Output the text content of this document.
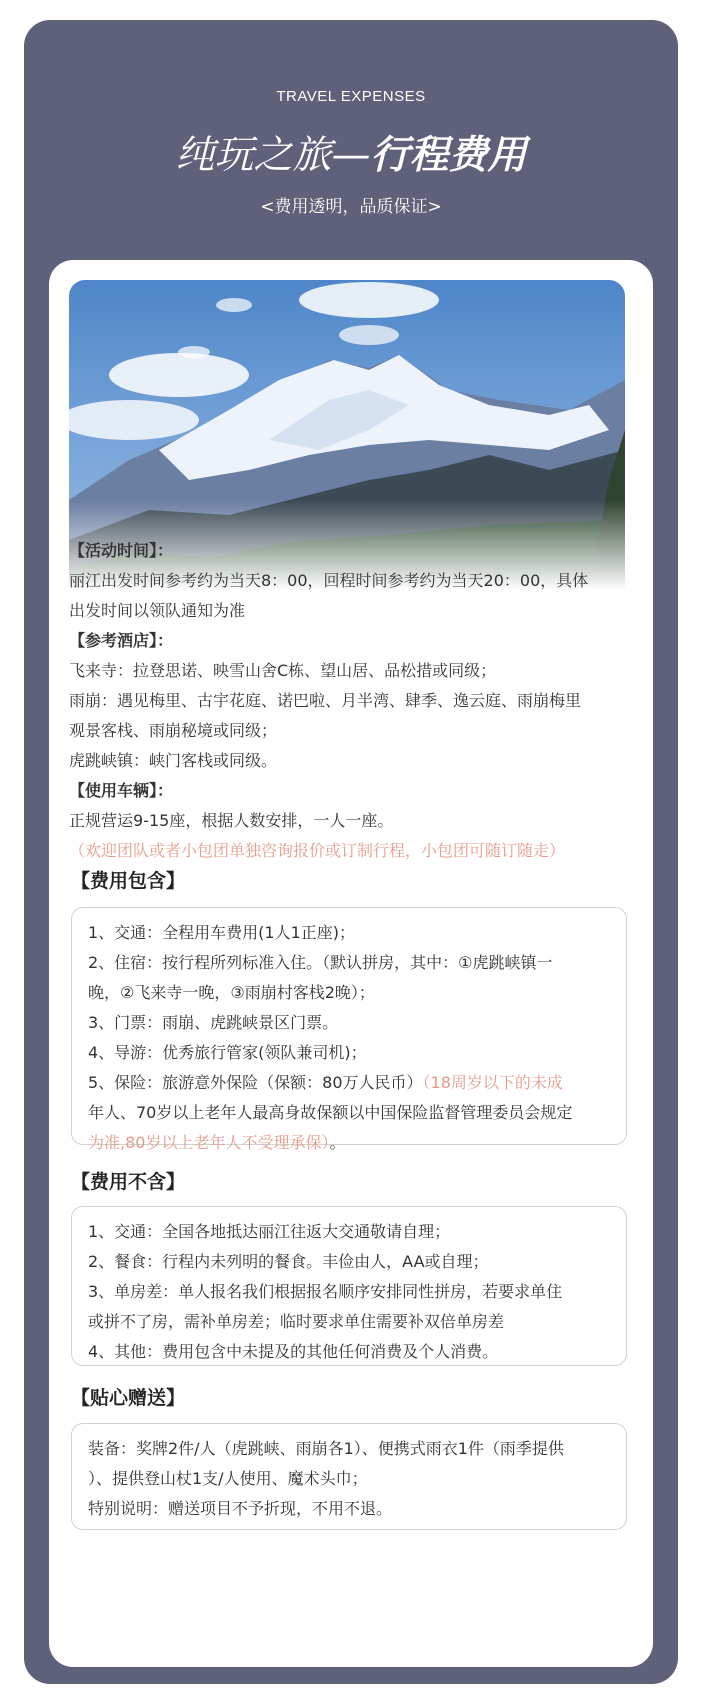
TRAVEL EXPENSES
纯玩之旅—行程费用
<费用透明，品质保证>
【活动时间】：
丽江出发时间参考约为当天8：00，回程时间参考约为当天20：00，具体
出发时间以领队通知为准
【参考酒店】：
飞来寺：拉登思诺、映雪山舍C栋、望山居、品松措或同级；
雨崩：遇见梅里、古宇花庭、诺巴啦、月半湾、肆季、逸云庭、雨崩梅里
观景客栈、雨崩秘境或同级；
虎跳峡镇：峡门客栈或同级。
【使用车辆】：
正规营运9-15座，根据人数安排，一人一座。
（欢迎团队或者小包团单独咨询报价或订制行程，小包团可随订随走）
【费用包含】
1、交通：全程用车费用(1人1正座)；
2、住宿：按行程所列标准入住。（默认拼房，其中：①虎跳峡镇一
晚，②飞来寺一晚，③雨崩村客栈2晚）；
3、门票：雨崩、虎跳峡景区门票。
4、导游：优秀旅行管家(领队兼司机)；
5、保险：旅游意外保险（保额：80万人民币）（18周岁以下的未成
年人、70岁以上老年人最高身故保额以中国保险监督管理委员会规定
为准,80岁以上老年人不受理承保）。
【费用不含】
1、交通：全国各地抵达丽江往返大交通敬请自理；
2、餐食：行程内未列明的餐食。丰俭由人，AA或自理；
3、单房差：单人报名我们根据报名顺序安排同性拼房，若要求单住
或拼不了房，需补单房差；临时要求单住需要补双倍单房差
4、其他：费用包含中未提及的其他任何消费及个人消费。
【贴心赠送】
装备：奖牌2件/人（虎跳峡、雨崩各1）、便携式雨衣1件（雨季提供
）、提供登山杖1支/人使用、魔术头巾；
特别说明：赠送项目不予折现，不用不退。
